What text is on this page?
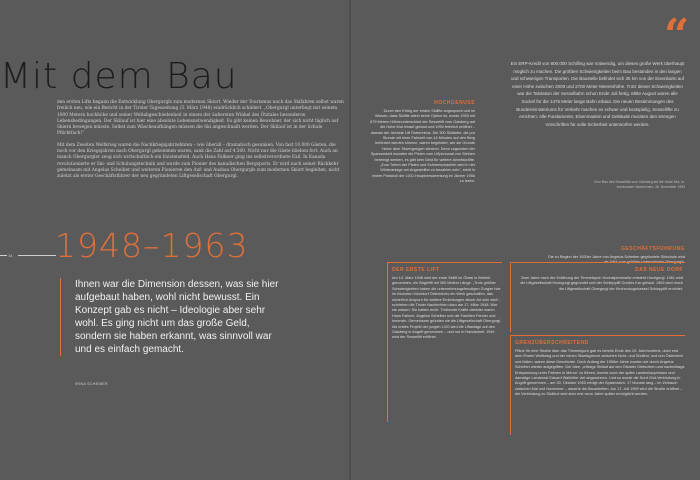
Mit dem Bau

den ersten Lifts begann die Entwicklung Obergurgls zum modernen Skiort. Wieder der Tourismus noch das Skifahren selbst waren freilich neu, wie ein Bericht in der Tiroler Tageszeitung (5. März 1948) eindrücklich schildert. „Obergurgl unterliegt mit seinem 1900 Metern hochhöhe und seiner Weltabgeschiedenheit in einem der äußersten Winkel des Ötztales besonderen Lebensbedingungen. Der Skilauf ist hier eine absolute Lebensnotwendigkeit. Es gibt keinen Bewohner, der sich nicht täglich auf Skiern bewegen müsste. Selbst zum Wäscheaufhängen müssen die Ski angeschnallt werden. Der Skilauf ist in der Schule Pflichtfach!“

Mit dem Zweiten Weltkrieg waren die Nachkriegsjahrzehnten – wie überall – dramatisch gesunken. Von fast 10.000 Gästen, die noch vor den Kriegsjahren nach Obergurgl gekommen waren, sank die Zahl auf 4.500. Nicht nur die Gäste blieben fort. Auch an manch Obergurgler zeug sich wirtschaftlich ein Existenzfeld. Auch Hans Falkner ging ins selbstverordnete Exil. In Kanada revolutionierte er Ski- und Schulungstechnik und wurde zum Pionier des kanadischen Bergsports. Er wird nach seiner Rückkehr gemeinsam mit Angelus Scheiber und weiteren Pionieren den Auf- und Ausbau Obergurgls zum modernen Skiort begleiten, nicht zuletzt als erster Geschäftsführer der neu gegründeten Liftgesellschaft Obergurgl.

14 1948–1963
Ihnen war die Dimension dessen, was sie hier aufgebaut haben, wohl nicht bewusst. Ein Konzept gab es nicht – Ideologie aber sehr wohl. Es ging nicht um das große Geld, sondern sie haben erkannt, was sinnvoll war und es einfach gemacht.
IRINA SCHEIBER
HOCHGENUSS
Durch den Erfolg der ersten Skilifte angespornt und im Wissen, dass Skilifte allein keine Option ist, wurde 1953 mit 679 Metern Höhenunterschied der Sessellift vom Gaisberg auf die Hohe Mut hinauf gebaut und 1954 feierlich eröffnet – damals der höchste Lift Österreichs. Die 300 Skiläufer, die pro Stunde mit einer Fahrzeit von 14 Minuten auf den Berg befördert werden können, waren begeistert, wie sie Gründe hinter dem Skivergnügen stecken. Denn zugunsten der Sparsamkeit mussten die Pisten vom Liftpersonal von Steinen bereinigt werden, es gibt kein Geld für weitere Arbeitskräfte. „Zum Treten der Pisten und Schneeschaufeln wird in der Winteranlage am Angestellter zu bezahlen sein“, steht in einem Protokoll der LGO-Hauptversammlung im Jänner 1956 zu lesen.
“
Ein ERP-Kredit von 800.000 Schilling war notwendig, um dieses große Werk überhaupt möglich zu machen. Die größten Schwierigkeiten beim Bau bestanden in den langen und schwierigen Transporten. Die Baustelle befindet sich 35 km von der Eisenbahn auf einer Höhe zwischen 2000 und 2700 Meter Meereshöhe. Trotz dieser Schwierigkeiten war die Talstation der Sesselbahn schon Ende Juli fertig. Mitte August waren alle Sockel für die 1475 Meter lange Bahn erbaut. Die neuen Bestimmungen des Bundesministeriums für Verkehr machen es schwer und kostspielig, Sessellifte zu errichten: Alle Fundamente, Eisenmasten und Gebäude mussten den strengen Vorschriften für volle Sicherheit unterworfen werden.
Zum Bau des Sessellifts vom Gaisberg auf die Hohe Mut. In: Innsbrucker Nachrichten, 26. November 1953
GESCHÄFTSFÜHRUNG
Die zu Beginn der 1920er Jahre von Angelus Scheiber gegründete Skischule wird ab 1961 zum größten Unternehmen Obergurgls.
DER ERSTE LIFT
Am 14. März 1948 wird der erste Skilift im Ötztal in Betrieb genommen, ein Bügellift mit 300 Metern Länge. „Trotz größter Schwierigkeiten haben die unternehmungsfreudigen Gurgler hier im höchsten Kirchdorf Österreichs ein Werk geschaffen, das sicherlich Ansporn für weitere Errichtungen dieser Art sein wird“, schrieben die Tiroler Nachrichten dazu am 17. März 1948. Wer sie wissen: Sie hatten recht. Treibende Kräfte dahinter waren Hans Falkner, Angelus Scheiber und die Familien Fender und Innerwin. Gemeinsam gründen sie die Liftgesellschaft Obergurgl. Als erstes Projekt der jungen LGO wird die Liftanlage auf den Gaisberg in Angriff genommen – und nur in Handarbeit. 1949 wird der Sessellift eröffnet.
DAS NEUE DORF
Zwei Jahre nach der Eröffnung der Timmelsjoch Hochalpenstraße entsteht Hochgurgl. 1961 wird die Liftgesellschaft Hochgurgl gegründet und der Schlepplift Großes Kar gebaut. 1963 wird durch die Liftgesellschaft Obergurgl der Kirchenkogelsessel Schlepplift errichtet.
GRENZÜBERSCHREITEND
Pläne für eine Straße über das Timmelsjoch gab es bereits Ende des 19. Jahrhunderts, doch erst dem Ersten Weltkrieg und der neuen Staatsgrenze zwischen Nord- und Südtirol, und nun Österreich und Italien, waren diese Geschichte. Doch Anfang der 1950er Jahre wurden sie durch Angelus Scheiber wieder aufgegriffen. Der Idee, „mittags Skilauf auf den Ötztaler Gletschern und nachmittags Entspannung unter Palmen in Meran“ zu führen, konnte auch der späte Landeshauptmann und damalige Landesrat Eduard Wallnöfer viel abgewinnen. Und so wurde die Nord-Süd-Verbindung in Angriff genommen – am 30. Oktober 1955 erfolgt der Spatenstich. 17 Monate lang – im Zeitraum zwischen Mai und November – dauerte die Bauarbeiten. Am 17. Juli 1959 wird die Straße eröffnet – die Verbindung zu Südtirol wird aber erst neun Jahre später ermöglicht werden.
